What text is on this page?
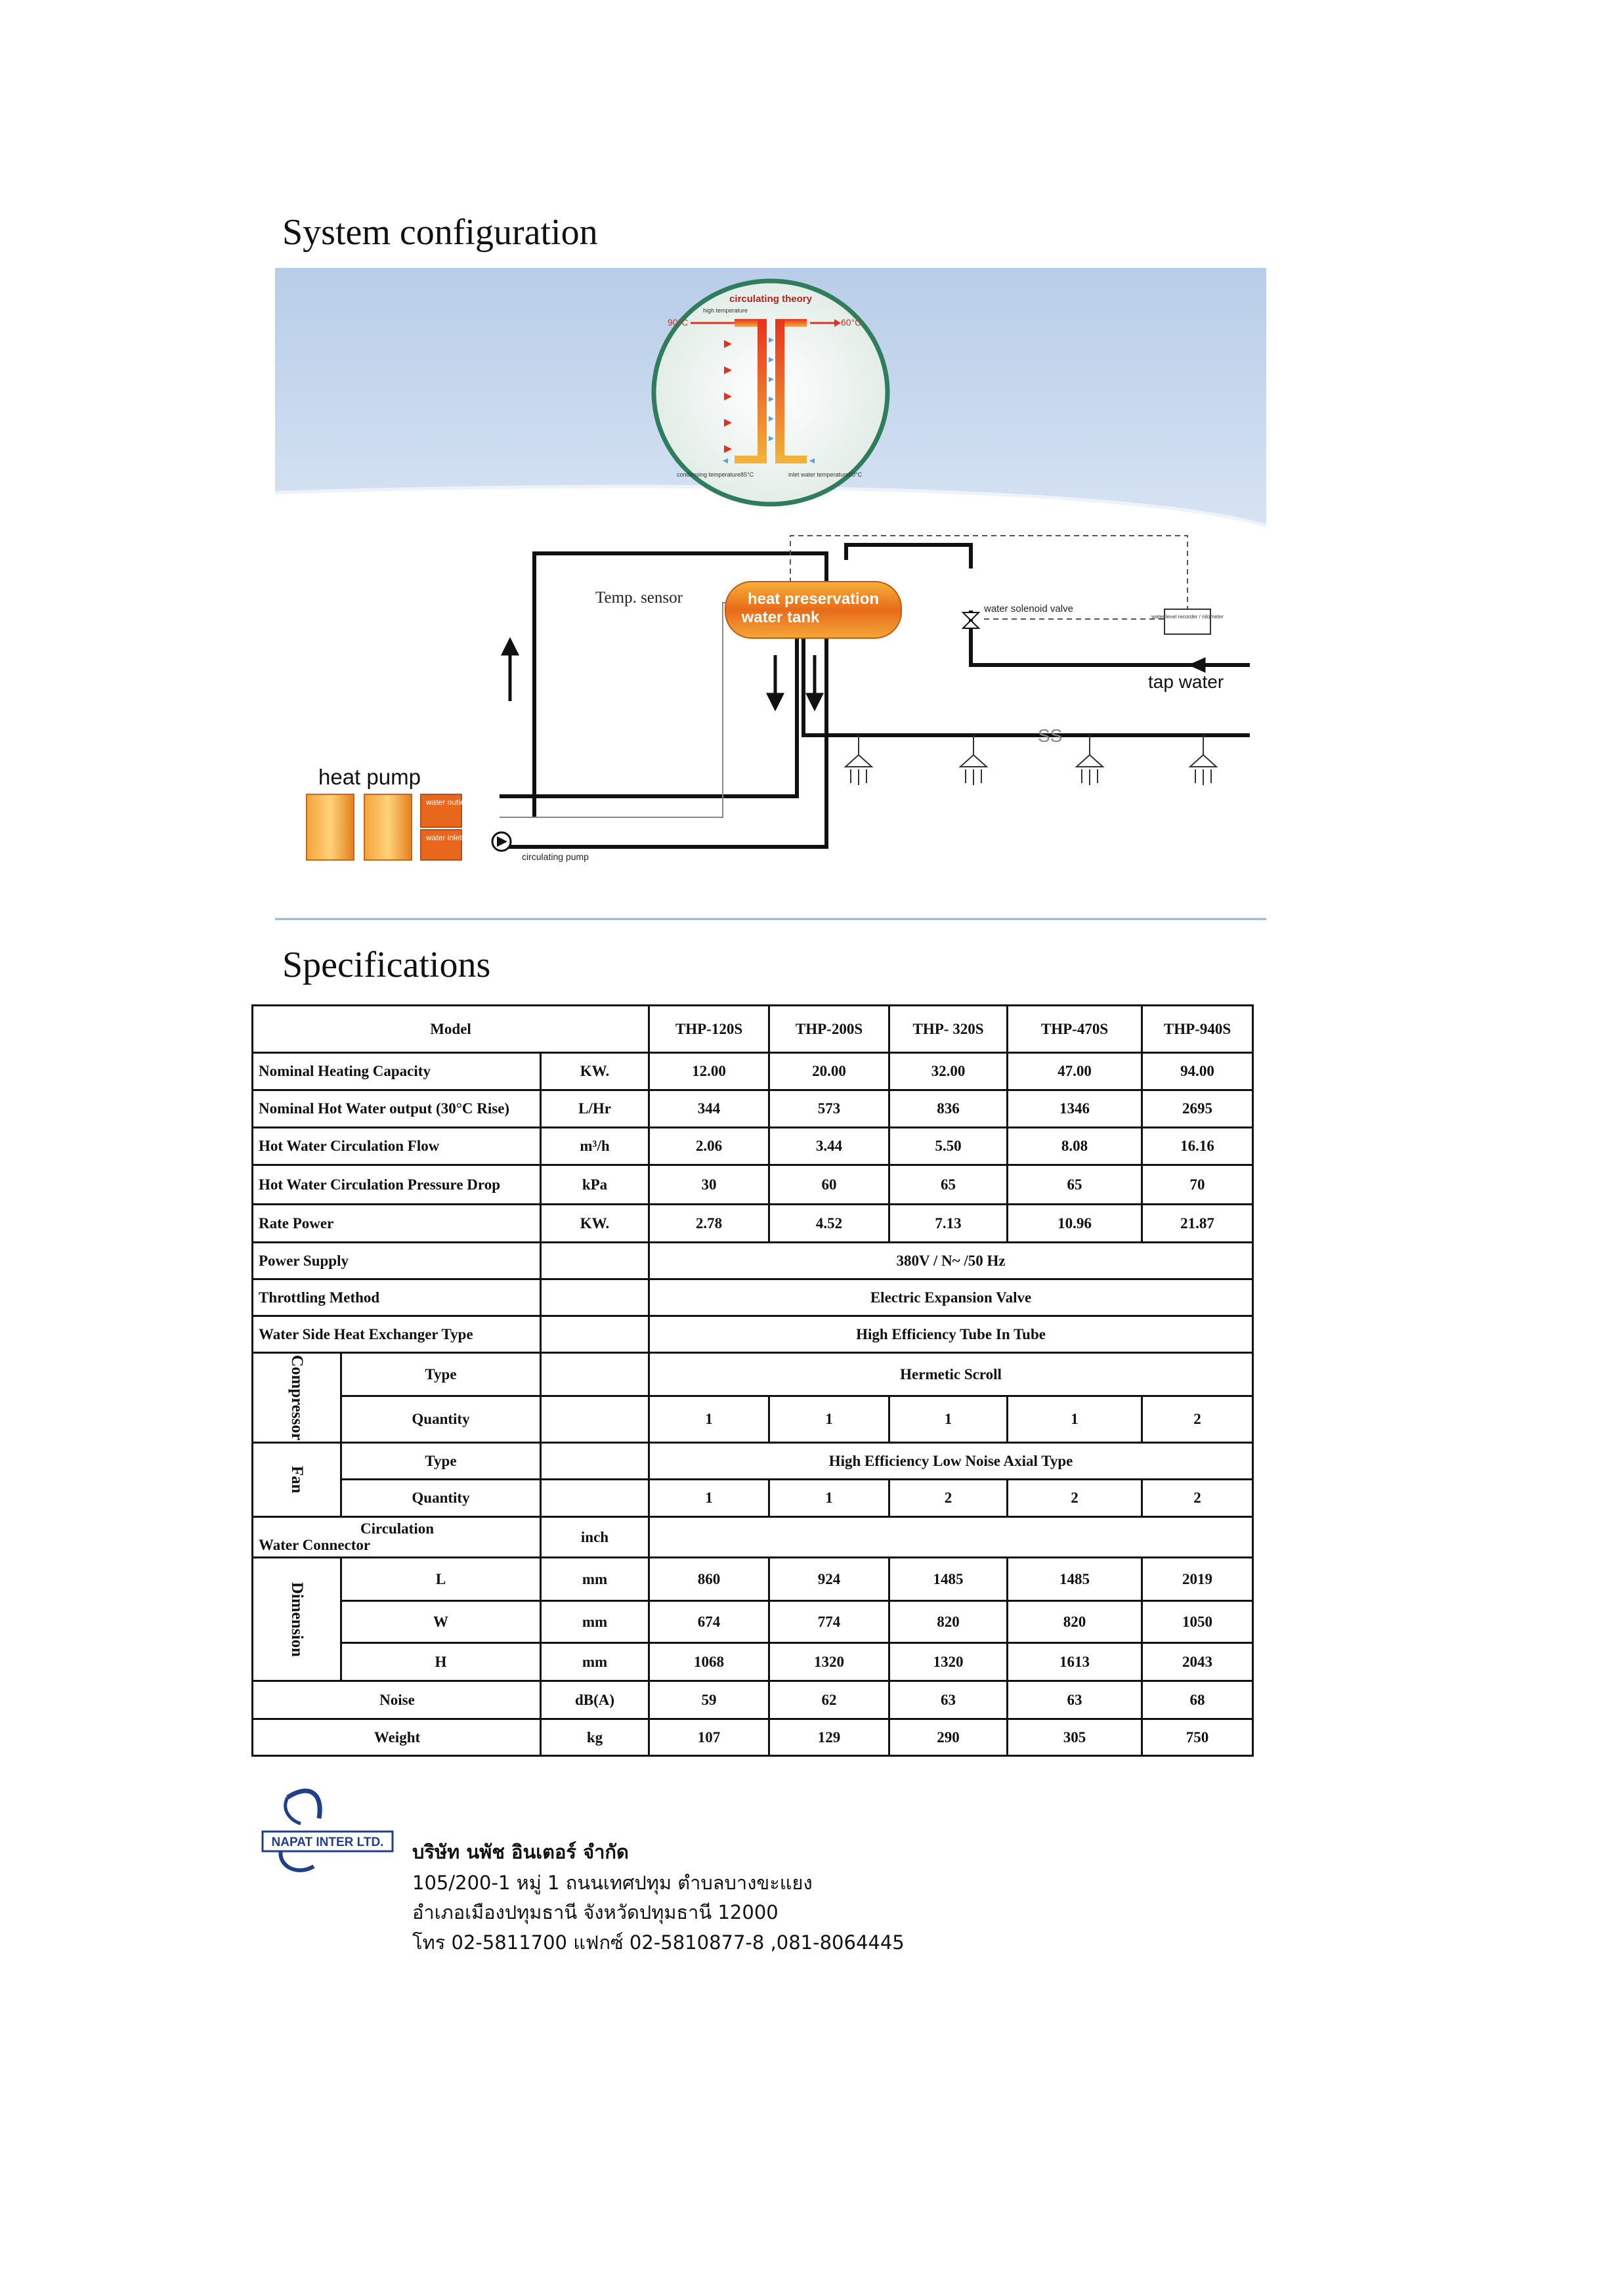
System configuration
circulating theory
high temperature
90°C	60°C
condensing temperature85°C	inlet water temperature50°C
heat preservation
water tank
Temp. sensor
water solenoid valve
water level recorder / nilometer
tap water
SS
heat pump
water outlet
water inlet
circulating pump
Specifications
Model			THP-120S	THP-200S	THP- 320S	THP-470S	THP-940S
Nominal Heating Capacity		KW.	12.00	20.00	32.00	47.00	94.00
Nominal Hot Water output (30°C Rise)		L/Hr	344	573	836	1346	2695
Hot Water Circulation Flow		m³/h	2.06	3.44	5.50	8.08	16.16
Hot Water Circulation Pressure Drop		kPa	30	60	65	65	70
Rate Power		KW.	2.78	4.52	7.13	10.96	21.87
Power Supply			380V / N~ /50 Hz				
Throttling Method			Electric Expansion Valve				
Water Side Heat Exchanger Type			High Efficiency Tube In Tube				

Compressor	Type		Hermetic Scroll				
	Quantity		1	1	1	1	2

Fan	Type		High Efficiency Low Noise Axial Type				
	Quantity		1	1	2	2	2

Circulation
Water Connector		inch					

Dimension	L	mm	860	924	1485	1485	2019
	W	mm	674	774	820	820	1050
	H	mm	1068	1320	1320	1613	2043
Noise		dB(A)	59	62	63	63	68
Weight		kg	107	129	290	305	750
NAPAT INTER LTD. บริษัท นพัช อินเตอร์ จำกัด
105/200-1 หมู่ 1 ถนนเทศปทุม ตำบลบางขะแยง
อำเภอเมืองปทุมธานี จังหวัดปทุมธานี 12000
โทร 02-5811700 แฟกซ์ 02-5810877-8 ,081-8064445
